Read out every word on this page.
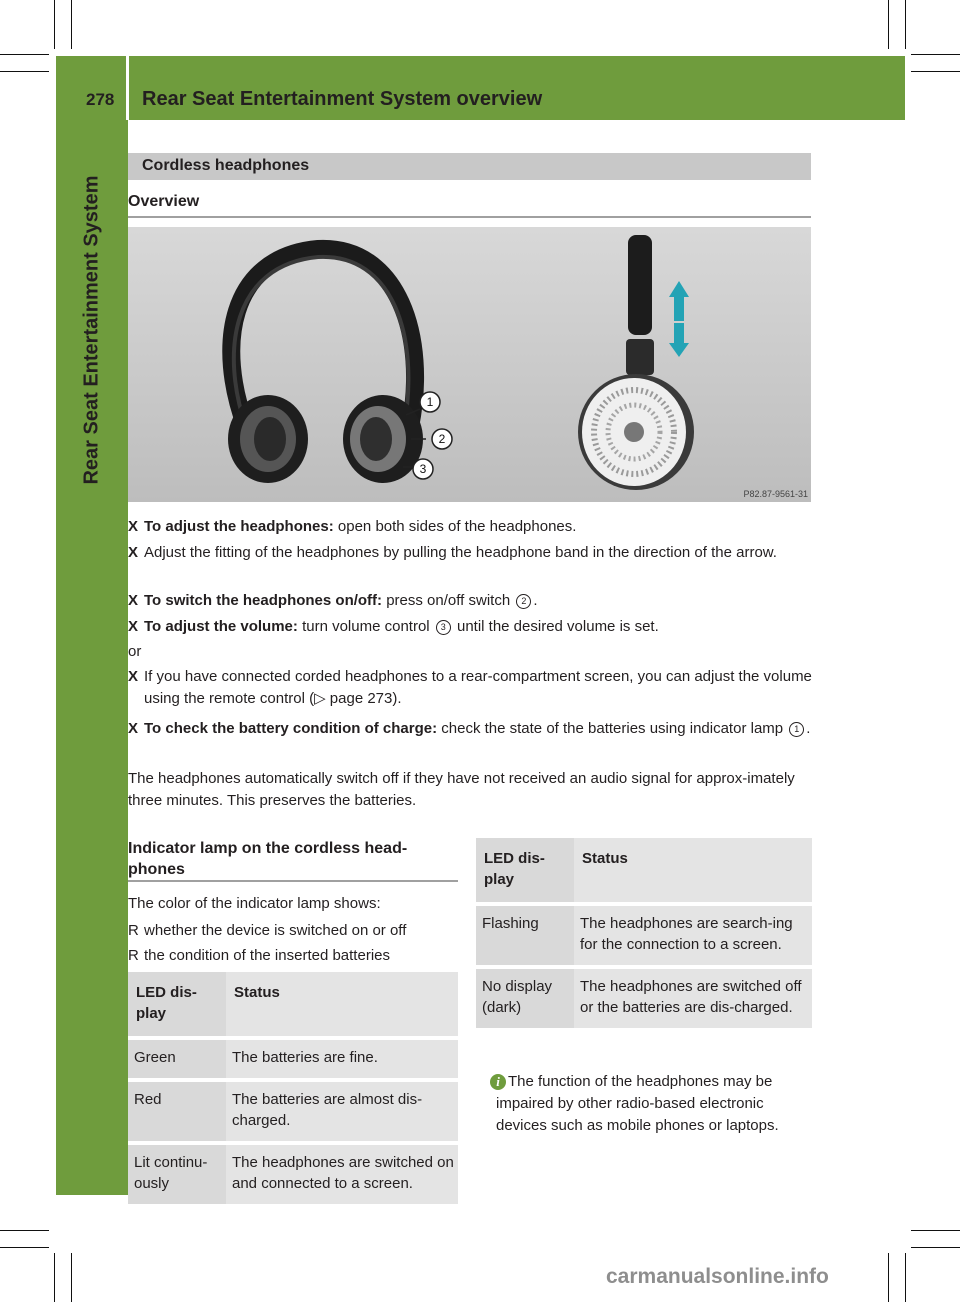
278 Rear Seat Entertainment System overview
Rear Seat Entertainment System
Cordless headphones
Overview
1
2
3
P82.87-9561-31
X To adjust the headphones: open both sides of the headphones.
X Adjust the fitting of the headphones by pulling the headphone band in the direction of the arrow.
X To switch the headphones on/off: press on/off switch 2 .
X To adjust the volume: turn volume control 3 until the desired volume is set.
or
X If you have connected corded headphones to a rear-compartment screen, you can adjust the volume using the remote control (▷ page 273).
X To check the battery condition of charge: check the state of the batteries using indicator lamp 1 .
The headphones automatically switch off if they have not received an audio signal for approx-imately three minutes. This preserves the batteries.
Indicator lamp on the cordless head-phones
The color of the indicator lamp shows:
R whether the device is switched on or off
R the condition of the inserted batteries
LED dis-play	Status
Green	The batteries are fine.
Red	The batteries are almost dis-charged.
Lit continu-ously	The headphones are switched on and connected to a screen.
LED dis-play	Status
Flashing	The headphones are search-ing for the connection to a screen.
No display (dark)	The headphones are switched off or the batteries are dis-charged.
i The function of the headphones may be impaired by other radio-based electronic devices such as mobile phones or laptops.
carmanualsonline.info
